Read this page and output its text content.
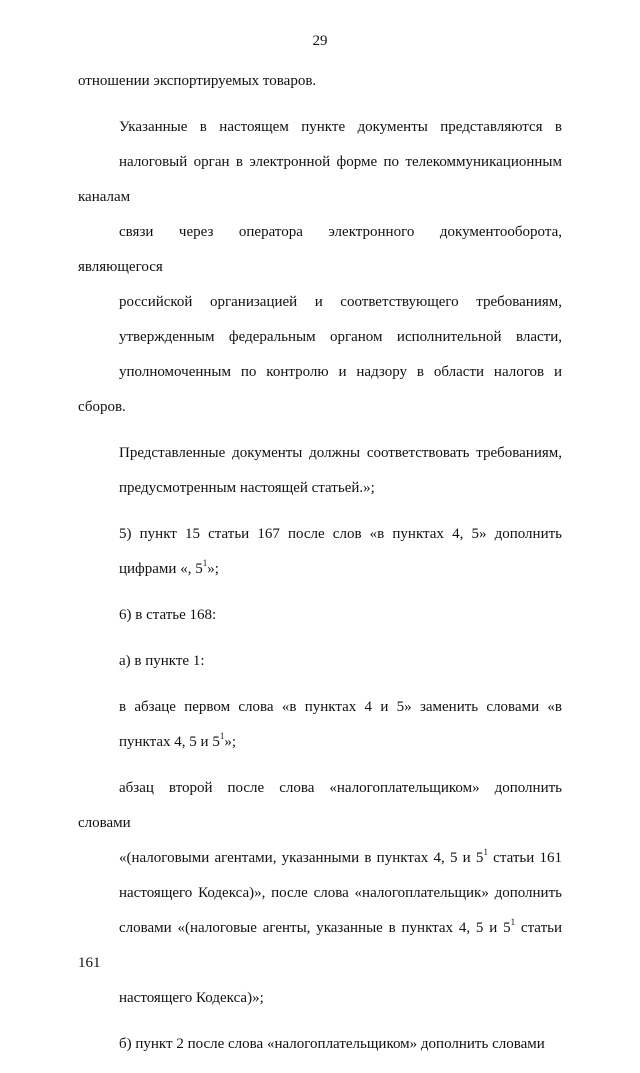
29
отношении экспортируемых товаров.
Указанные в настоящем пункте документы представляются в
налоговый орган в электронной форме по телекоммуникационным каналам
связи через оператора электронного документооборота, являющегося
российской организацией и соответствующего требованиям,
утвержденным федеральным органом исполнительной власти,
уполномоченным по контролю и надзору в области налогов и сборов.
Представленные документы должны соответствовать требованиям,
предусмотренным настоящей статьей.»;
5) пункт 15 статьи 167 после слов «в пунктах 4, 5» дополнить
цифрами «, $5^1$»;
6) в статье 168:
а) в пункте 1:
в абзаце первом слова «в пунктах 4 и 5» заменить словами «в
пунктах 4, 5 и $5^1$»;
абзац второй после слова «налогоплательщиком» дополнить словами
«(налоговыми агентами, указанными в пунктах 4, 5 и $5^1$ статьи 161
настоящего Кодекса)», после слова «налогоплательщик» дополнить
словами «(налоговые агенты, указанные в пунктах 4, 5 и $5^1$ статьи 161
настоящего Кодекса)»;
б) пункт 2 после слова «налогоплательщиком» дополнить словами
